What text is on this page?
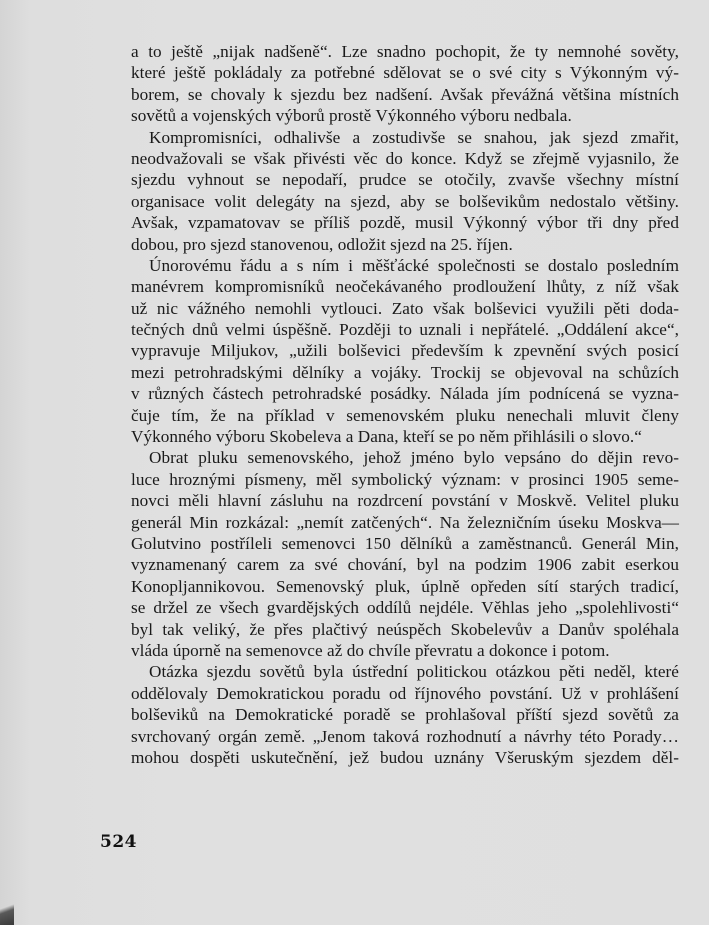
a to ještě „nijak nadšeně“. Lze snadno pochopit, že ty nemnohé sověty,
které ještě pokládaly za potřebné sdělovat se o své city s Výkonným vý-
borem, se chovaly k sjezdu bez nadšení. Avšak převážná většina místních
sovětů a vojenských výborů prostě Výkonného výboru nedbala.
Kompromisníci, odhalivše a zostudivše se snahou, jak sjezd zmařit,
neodvažovali se však přivésti věc do konce. Když se zřejmě vyjasnilo, že
sjezdu vyhnout se nepodaří, prudce se otočily, zvavše všechny místní
organisace volit delegáty na sjezd, aby se bolševikům nedostalo většiny.
Avšak, vzpamatovav se příliš pozdě, musil Výkonný výbor tři dny před
dobou, pro sjezd stanovenou, odložit sjezd na 25. říjen.
Únorovému řádu a s ním i měšťácké společnosti se dostalo posledním
manévrem kompromisníků neočekávaného prodloužení lhůty, z níž však
už nic vážného nemohli vytlouci. Zato však bolševici využili pěti doda-
tečných dnů velmi úspěšně. Později to uznali i nepřátelé. „Oddálení akce“,
vypravuje Miljukov, „užili bolševici především k zpevnění svých posicí
mezi petrohradskými dělníky a vojáky. Trockij se objevoval na schůzích
v různých částech petrohradské posádky. Nálada jím podnícená se vyzna-
čuje tím, že na příklad v semenovském pluku nenechali mluvit členy
Výkonného výboru Skobeleva a Dana, kteří se po něm přihlásili o slovo.“
Obrat pluku semenovského, jehož jméno bylo vepsáno do dějin revo-
luce hroznými písmeny, měl symbolický význam: v prosinci 1905 seme-
novci měli hlavní zásluhu na rozdrcení povstání v Moskvě. Velitel pluku
generál Min rozkázal: „nemít zatčených“. Na železničním úseku Moskva—
Golutvino postříleli semenovci 150 dělníků a zaměstnanců. Generál Min,
vyznamenaný carem za své chování, byl na podzim 1906 zabit eserkou
Konopljannikovou. Semenovský pluk, úplně opředen sítí starých tradicí,
se držel ze všech gvardějských oddílů nejdéle. Věhlas jeho „spolehlivosti“
byl tak veliký, že přes plačtivý neúspěch Skobelevův a Danův spoléhala
vláda úporně na semenovce až do chvíle převratu a dokonce i potom.
Otázka sjezdu sovětů byla ústřední politickou otázkou pěti neděl, které
oddělovaly Demokratickou poradu od říjnového povstání. Už v prohlášení
bolševiků na Demokratické poradě se prohlašoval příští sjezd sovětů za
svrchovaný orgán země. „Jenom taková rozhodnutí a návrhy této Porady…
mohou dospěti uskutečnění, jež budou uznány Všeruským sjezdem děl-
524
